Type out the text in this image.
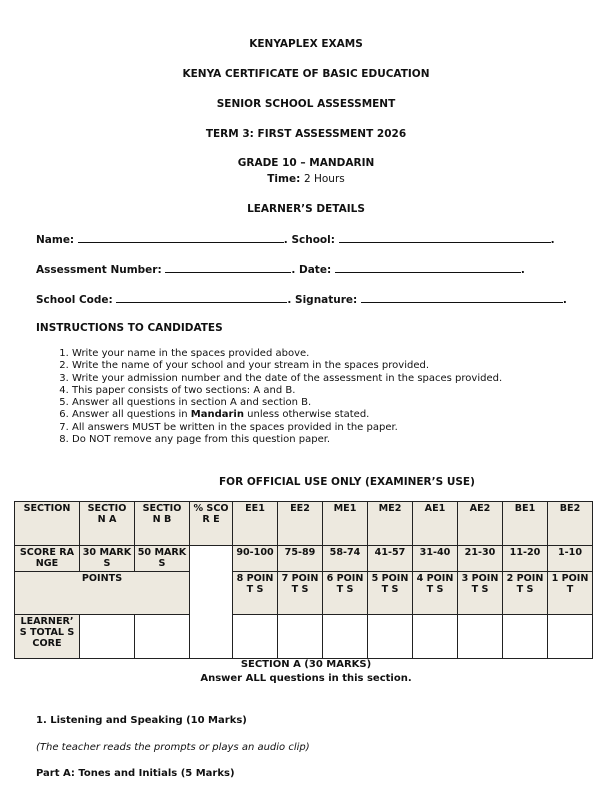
KENYAPLEX EXAMS
KENYA CERTIFICATE OF BASIC EDUCATION
SENIOR SCHOOL ASSESSMENT
TERM 3: FIRST ASSESSMENT 2026
GRADE 10 – MANDARIN
Time: 2 Hours
LEARNER’S DETAILS
Name:	. School:	.
Assessment Number:	. Date:	.
School Code:	. Signature:	.
INSTRUCTIONS TO CANDIDATES
1. Write your name in the spaces provided above.
2. Write the name of your school and your stream in the spaces provided.
3. Write your admission number and the date of the assessment in the spaces provided.
4. This paper consists of two sections: A and B.
5. Answer all questions in section A and section B.
6. Answer all questions in Mandarin unless otherwise stated.
7. All answers MUST be written in the spaces provided in the paper.
8. Do NOT remove any page from this question paper.
FOR OFFICIAL USE ONLY (EXAMINER’S USE)
SECTION	SECTIO N A	SECTIO N B	% SCOR E	EE1	EE2	ME1	ME2	AE1	AE2	BE1	BE2
SCORE RANGE	30 MARKS	50 MARKS		90-100	75-89	58-74	41-57	31-40	21-30	11-20	1-10
POINTS				8 POINT S	7 POINT S	6 POINT S	5 POINT S	4 POINT S	3 POINT S	2 POINT S	1 POIN T
LEARNER’ S TOTAL SCORE											
SECTION A (30 MARKS)
Answer ALL questions in this section.
1. Listening and Speaking (10 Marks)
(The teacher reads the prompts or plays an audio clip)
Part A: Tones and Initials (5 Marks)
